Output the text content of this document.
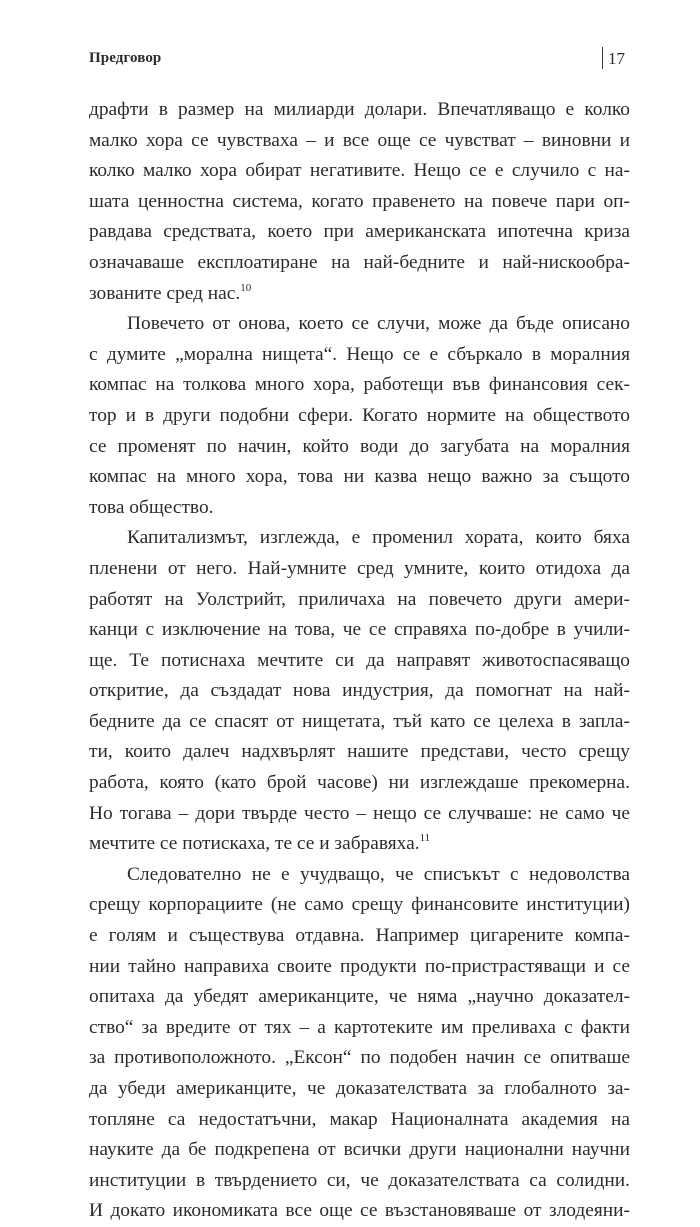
Предговор	17

драфти в размер на милиарди долари. Впечатляващо е колко
малко хора се чувстваха – и все още се чувстват – виновни и
колко малко хора обират негативите. Нещо се е случило с на-
шата ценностна система, когато правенето на повече пари оп-
равдава средствата, което при американската ипотечна криза
означаваше експлоатиране на най-бедните и най-нискообра-
зованите сред нас.$^{10}$

Повечето от онова, което се случи, може да бъде описано
с думите „морална нищета“. Нещо се е сбъркало в моралния
компас на толкова много хора, работещи във финансовия сек-
тор и в други подобни сфери. Когато нормите на обществото
се променят по начин, който води до загубата на моралния
компас на много хора, това ни казва нещо важно за същото
това общество.

Капитализмът, изглежда, е променил хората, които бяха
пленени от него. Най-умните сред умните, които отидоха да
работят на Уолстрийт, приличаха на повечето други амери-
канци с изключение на това, че се справяха по-добре в учили-
ще. Те потиснаха мечтите си да направят животоспасяващо
откритие, да създадат нова индустрия, да помогнат на най-
бедните да се спасят от нищетата, тъй като се целеха в запла-
ти, които далеч надхвърлят нашите представи, често срещу
работа, която (като брой часове) ни изглеждаше прекомерна.
Но тогава – дори твърде често – нещо се случваше: не само че
мечтите се потискаха, те се и забравяха.$^{11}$

Следователно не е учудващо, че списъкът с недоволства
срещу корпорациите (не само срещу финансовите институции)
е голям и съществува отдавна. Например цигарените компа-
нии тайно направиха своите продукти по-пристрастяващи и се
опитаха да убедят американците, че няма „научно доказател-
ство“ за вредите от тях – а картотеките им преливаха с факти
за противоположното. „Ексон“ по подобен начин се опитваше
да убеди американците, че доказателствата за глобалното за-
топляне са недостатъчни, макар Националната академия на
науките да бе подкрепена от всички други национални научни
институции в твърдението си, че доказателствата са солидни.
И докато икономиката все още се възстановяваше от злодеяни-
